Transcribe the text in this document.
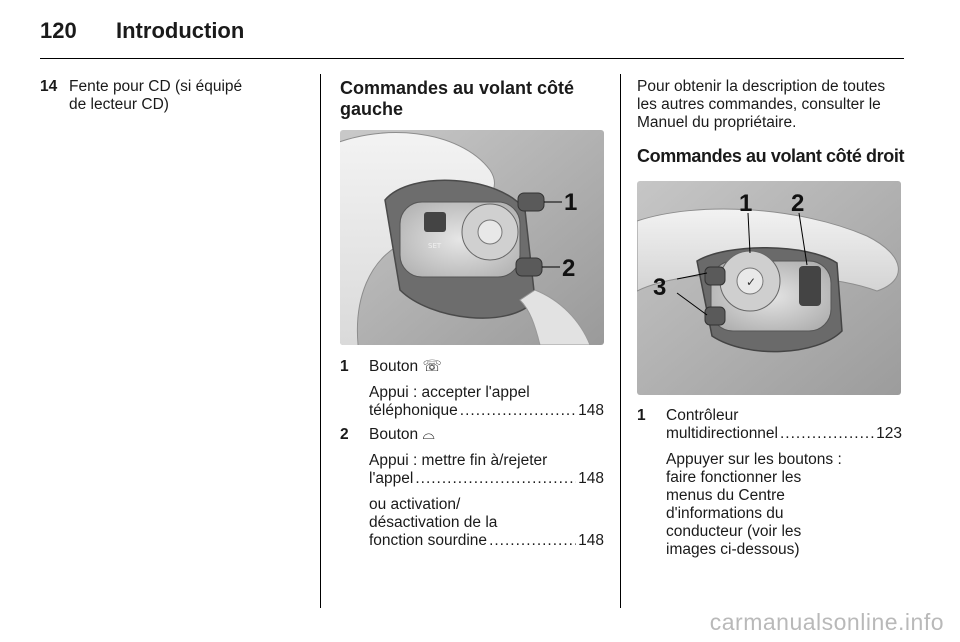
120 Introduction
14 Fente pour CD (si équipé
de lecteur CD)
Commandes au volant côté
gauche
SET
1
2
1 Bouton ☏
Appui : accepter l'appel
téléphonique .....	148
2 Bouton ⌓
Appui : mettre fin à/rejeter
l'appel .....	148
ou activation/
désactivation de la
fonction sourdine .....	148
Pour obtenir la description de toutes
les autres commandes, consulter le
Manuel du propriétaire.
Commandes au volant côté droit
✓
1 2
3
1 Contrôleur
multidirectionnel .....	123
Appuyer sur les boutons :
faire fonctionner les
menus du Centre
d'informations du
conducteur (voir les
images ci-dessous)
carmanualsonline.info
